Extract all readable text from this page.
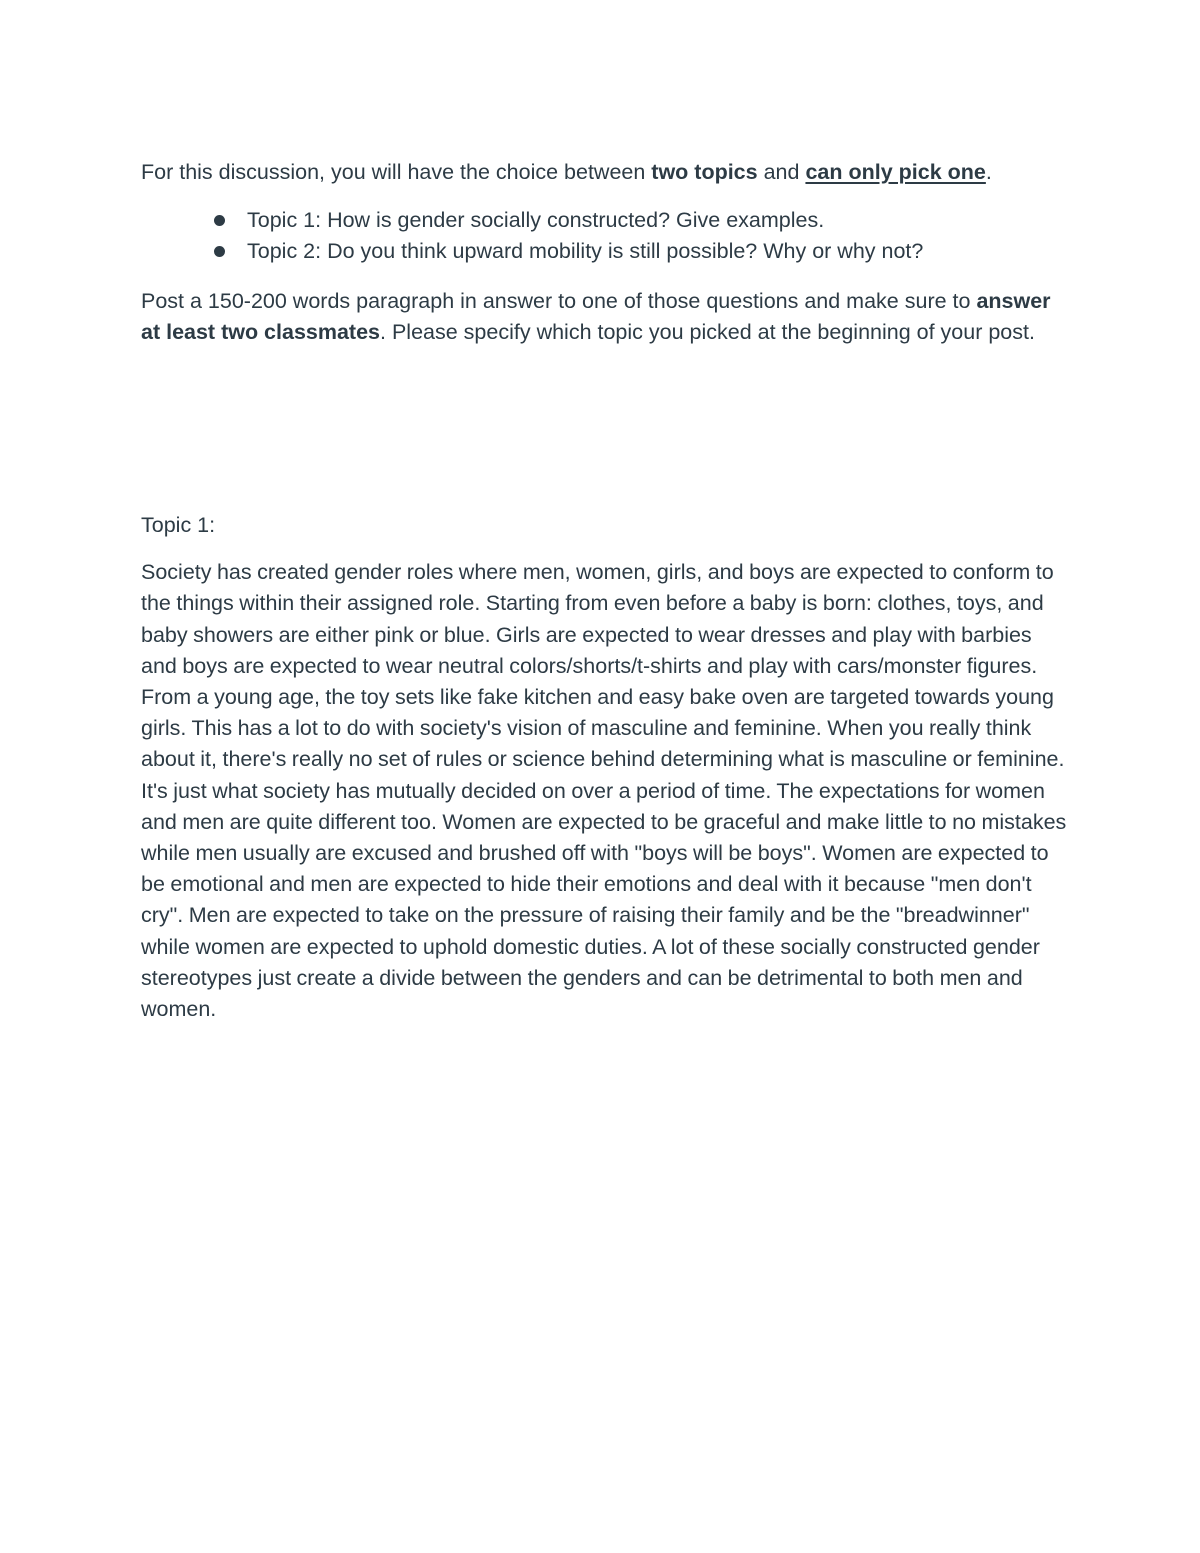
For this discussion, you will have the choice between two topics and can only pick one.

Topic 1: How is gender socially constructed? Give examples.
Topic 2: Do you think upward mobility is still possible? Why or why not?

Post a 150-200 words paragraph in answer to one of those questions and make sure to answer at least two classmates. Please specify which topic you picked at the beginning of your post.

Topic 1:

Society has created gender roles where men, women, girls, and boys are expected to conform to the things within their assigned role. Starting from even before a baby is born: clothes, toys, and baby showers are either pink or blue. Girls are expected to wear dresses and play with barbies and boys are expected to wear neutral colors/shorts/t-shirts and play with cars/monster figures. From a young age, the toy sets like fake kitchen and easy bake oven are targeted towards young girls. This has a lot to do with society's vision of masculine and feminine. When you really think about it, there's really no set of rules or science behind determining what is masculine or feminine. It's just what society has mutually decided on over a period of time. The expectations for women and men are quite different too. Women are expected to be graceful and make little to no mistakes while men usually are excused and brushed off with "boys will be boys". Women are expected to be emotional and men are expected to hide their emotions and deal with it because "men don't cry". Men are expected to take on the pressure of raising their family and be the "breadwinner" while women are expected to uphold domestic duties. A lot of these socially constructed gender stereotypes just create a divide between the genders and can be detrimental to both men and women.
